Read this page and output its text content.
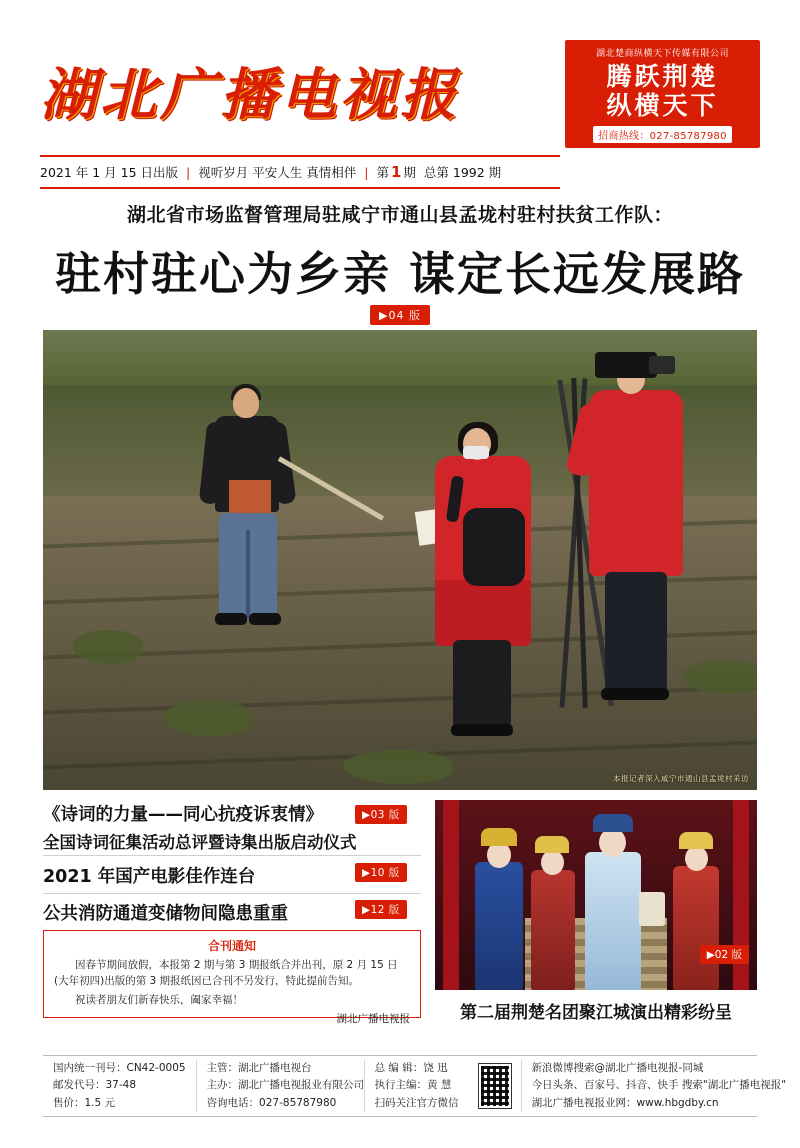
湖北广播电视报
湖北楚商纵横天下传媒有限公司
腾跃荆楚
纵横天下
招商热线：027-85787980
2021 年 1 月 15 日出版 | 视听岁月 平安人生 真情相伴 | 第 1 期 总第 1992 期
湖北省市场监督管理局驻咸宁市通山县孟垅村驻村扶贫工作队：
驻村驻心为乡亲 谋定长远发展路
▶04 版
本报记者深入咸宁市通山县孟垅村采访
《诗词的力量——同心抗疫诉衷情》
全国诗词征集活动总评暨诗集出版启动仪式
2021 年国产电影佳作连台
公共消防通道变储物间隐患重重
▶03 版
▶10 版
▶12 版
合刊通知

因春节期间放假，本报第 2 期与第 3 期报纸合并出刊，原 2 月 15 日(大年初四)出版的第 3 期报纸因已合刊不另发行，特此提前告知。

祝读者朋友们新春快乐，阖家幸福！

湖北广播电视报
▶02 版
第二届荆楚名团聚江城演出精彩纷呈
国内统一刊号：CN42-0005
邮发代号：37-48
售价：1.5 元
主管：湖北广播电视台
主办：湖北广播电视报业有限公司
咨询电话：027-85787980
总 编 辑：饶 迅
执行主编：黄 慧
扫码关注官方微信
新浪微博搜索@湖北广播电视报-同城
今日头条、百家号、抖音、快手 搜索"湖北广播电视报"
湖北广播电视报业网：www.hbgdby.cn
